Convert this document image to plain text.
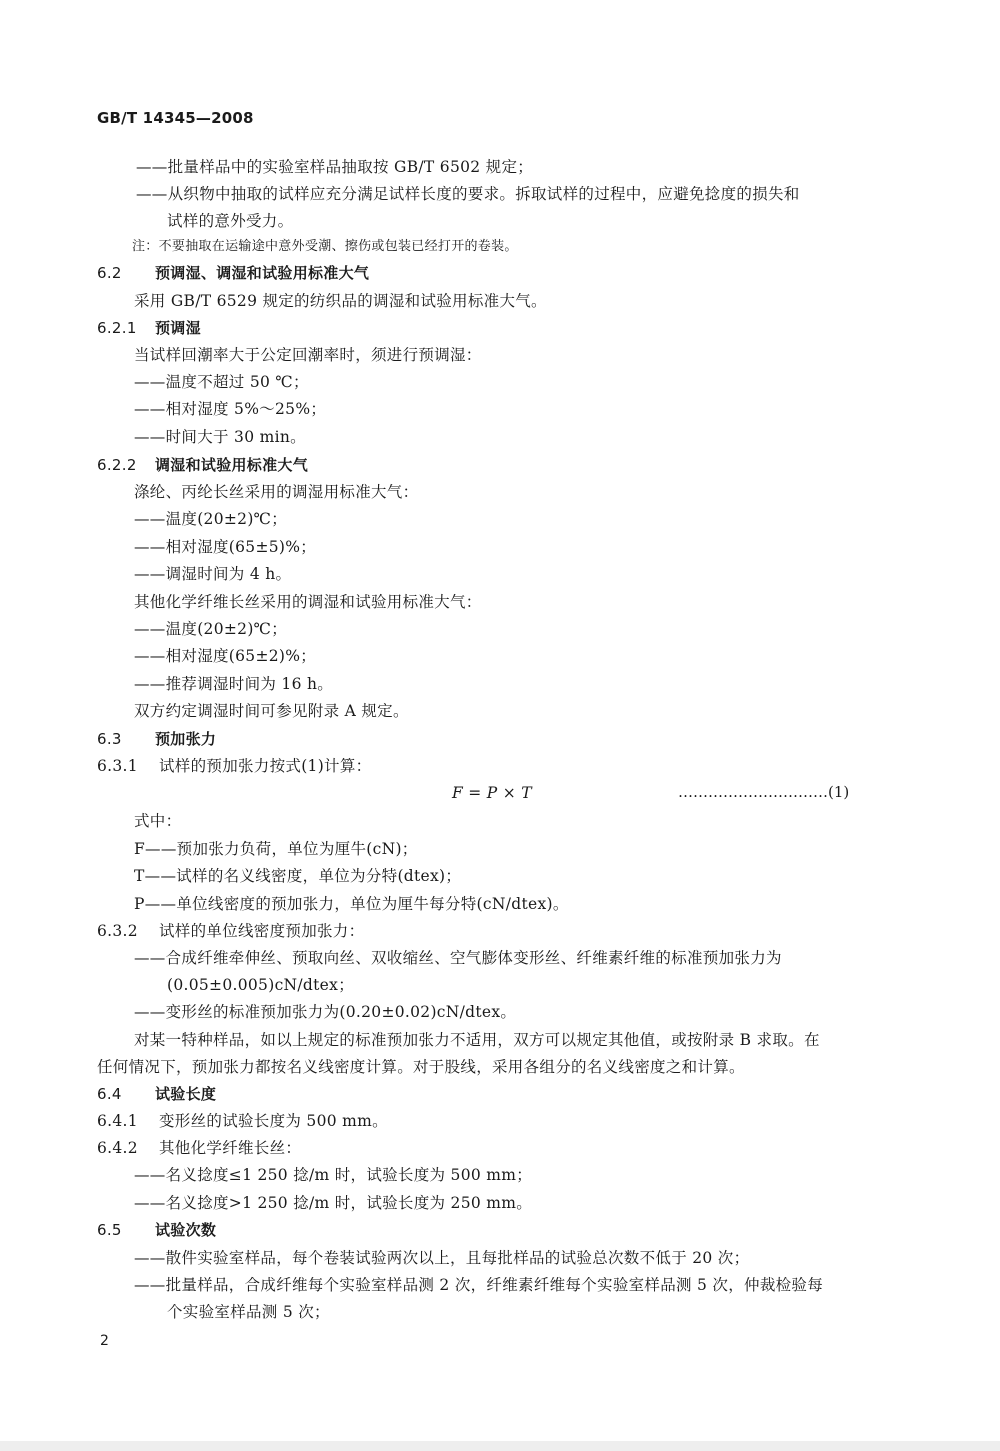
GB/T 14345—2008
——批量样品中的实验室样品抽取按 GB/T 6502 规定；
——从织物中抽取的试样应充分满足试样长度的要求。拆取试样的过程中，应避免捻度的损失和
试样的意外受力。
注：不要抽取在运输途中意外受潮、擦伤或包装已经打开的卷装。
6.2 预调湿、调湿和试验用标准大气
采用 GB/T 6529 规定的纺织品的调湿和试验用标准大气。
6.2.1 预调湿
当试样回潮率大于公定回潮率时，须进行预调湿：
——温度不超过 50 ℃；
——相对湿度 5%～25%；
——时间大于 30 min。
6.2.2 调湿和试验用标准大气
涤纶、丙纶长丝采用的调湿用标准大气：
——温度(20±2)℃；
——相对湿度(65±5)%；
——调湿时间为 4 h。
其他化学纤维长丝采用的调湿和试验用标准大气：
——温度(20±2)℃；
——相对湿度(65±2)%；
——推荐调湿时间为 16 h。
双方约定调湿时间可参见附录 A 规定。
6.3 预加张力
6.3.1 试样的预加张力按式(1)计算：
F = P × T	…………………………(1)
式中：
F——预加张力负荷，单位为厘牛(cN)；
T——试样的名义线密度，单位为分特(dtex)；
P——单位线密度的预加张力，单位为厘牛每分特(cN/dtex)。
6.3.2 试样的单位线密度预加张力：
——合成纤维牵伸丝、预取向丝、双收缩丝、空气膨体变形丝、纤维素纤维的标准预加张力为
(0.05±0.005)cN/dtex；
——变形丝的标准预加张力为(0.20±0.02)cN/dtex。
对某一特种样品，如以上规定的标准预加张力不适用，双方可以规定其他值，或按附录 B 求取。在
任何情况下，预加张力都按名义线密度计算。对于股线，采用各组分的名义线密度之和计算。
6.4 试验长度
6.4.1 变形丝的试验长度为 500 mm。
6.4.2 其他化学纤维长丝：
——名义捻度≤1 250 捻/m 时，试验长度为 500 mm；
——名义捻度>1 250 捻/m 时，试验长度为 250 mm。
6.5 试验次数
——散件实验室样品，每个卷装试验两次以上，且每批样品的试验总次数不低于 20 次；
——批量样品，合成纤维每个实验室样品测 2 次，纤维素纤维每个实验室样品测 5 次，仲裁检验每
个实验室样品测 5 次；
2
